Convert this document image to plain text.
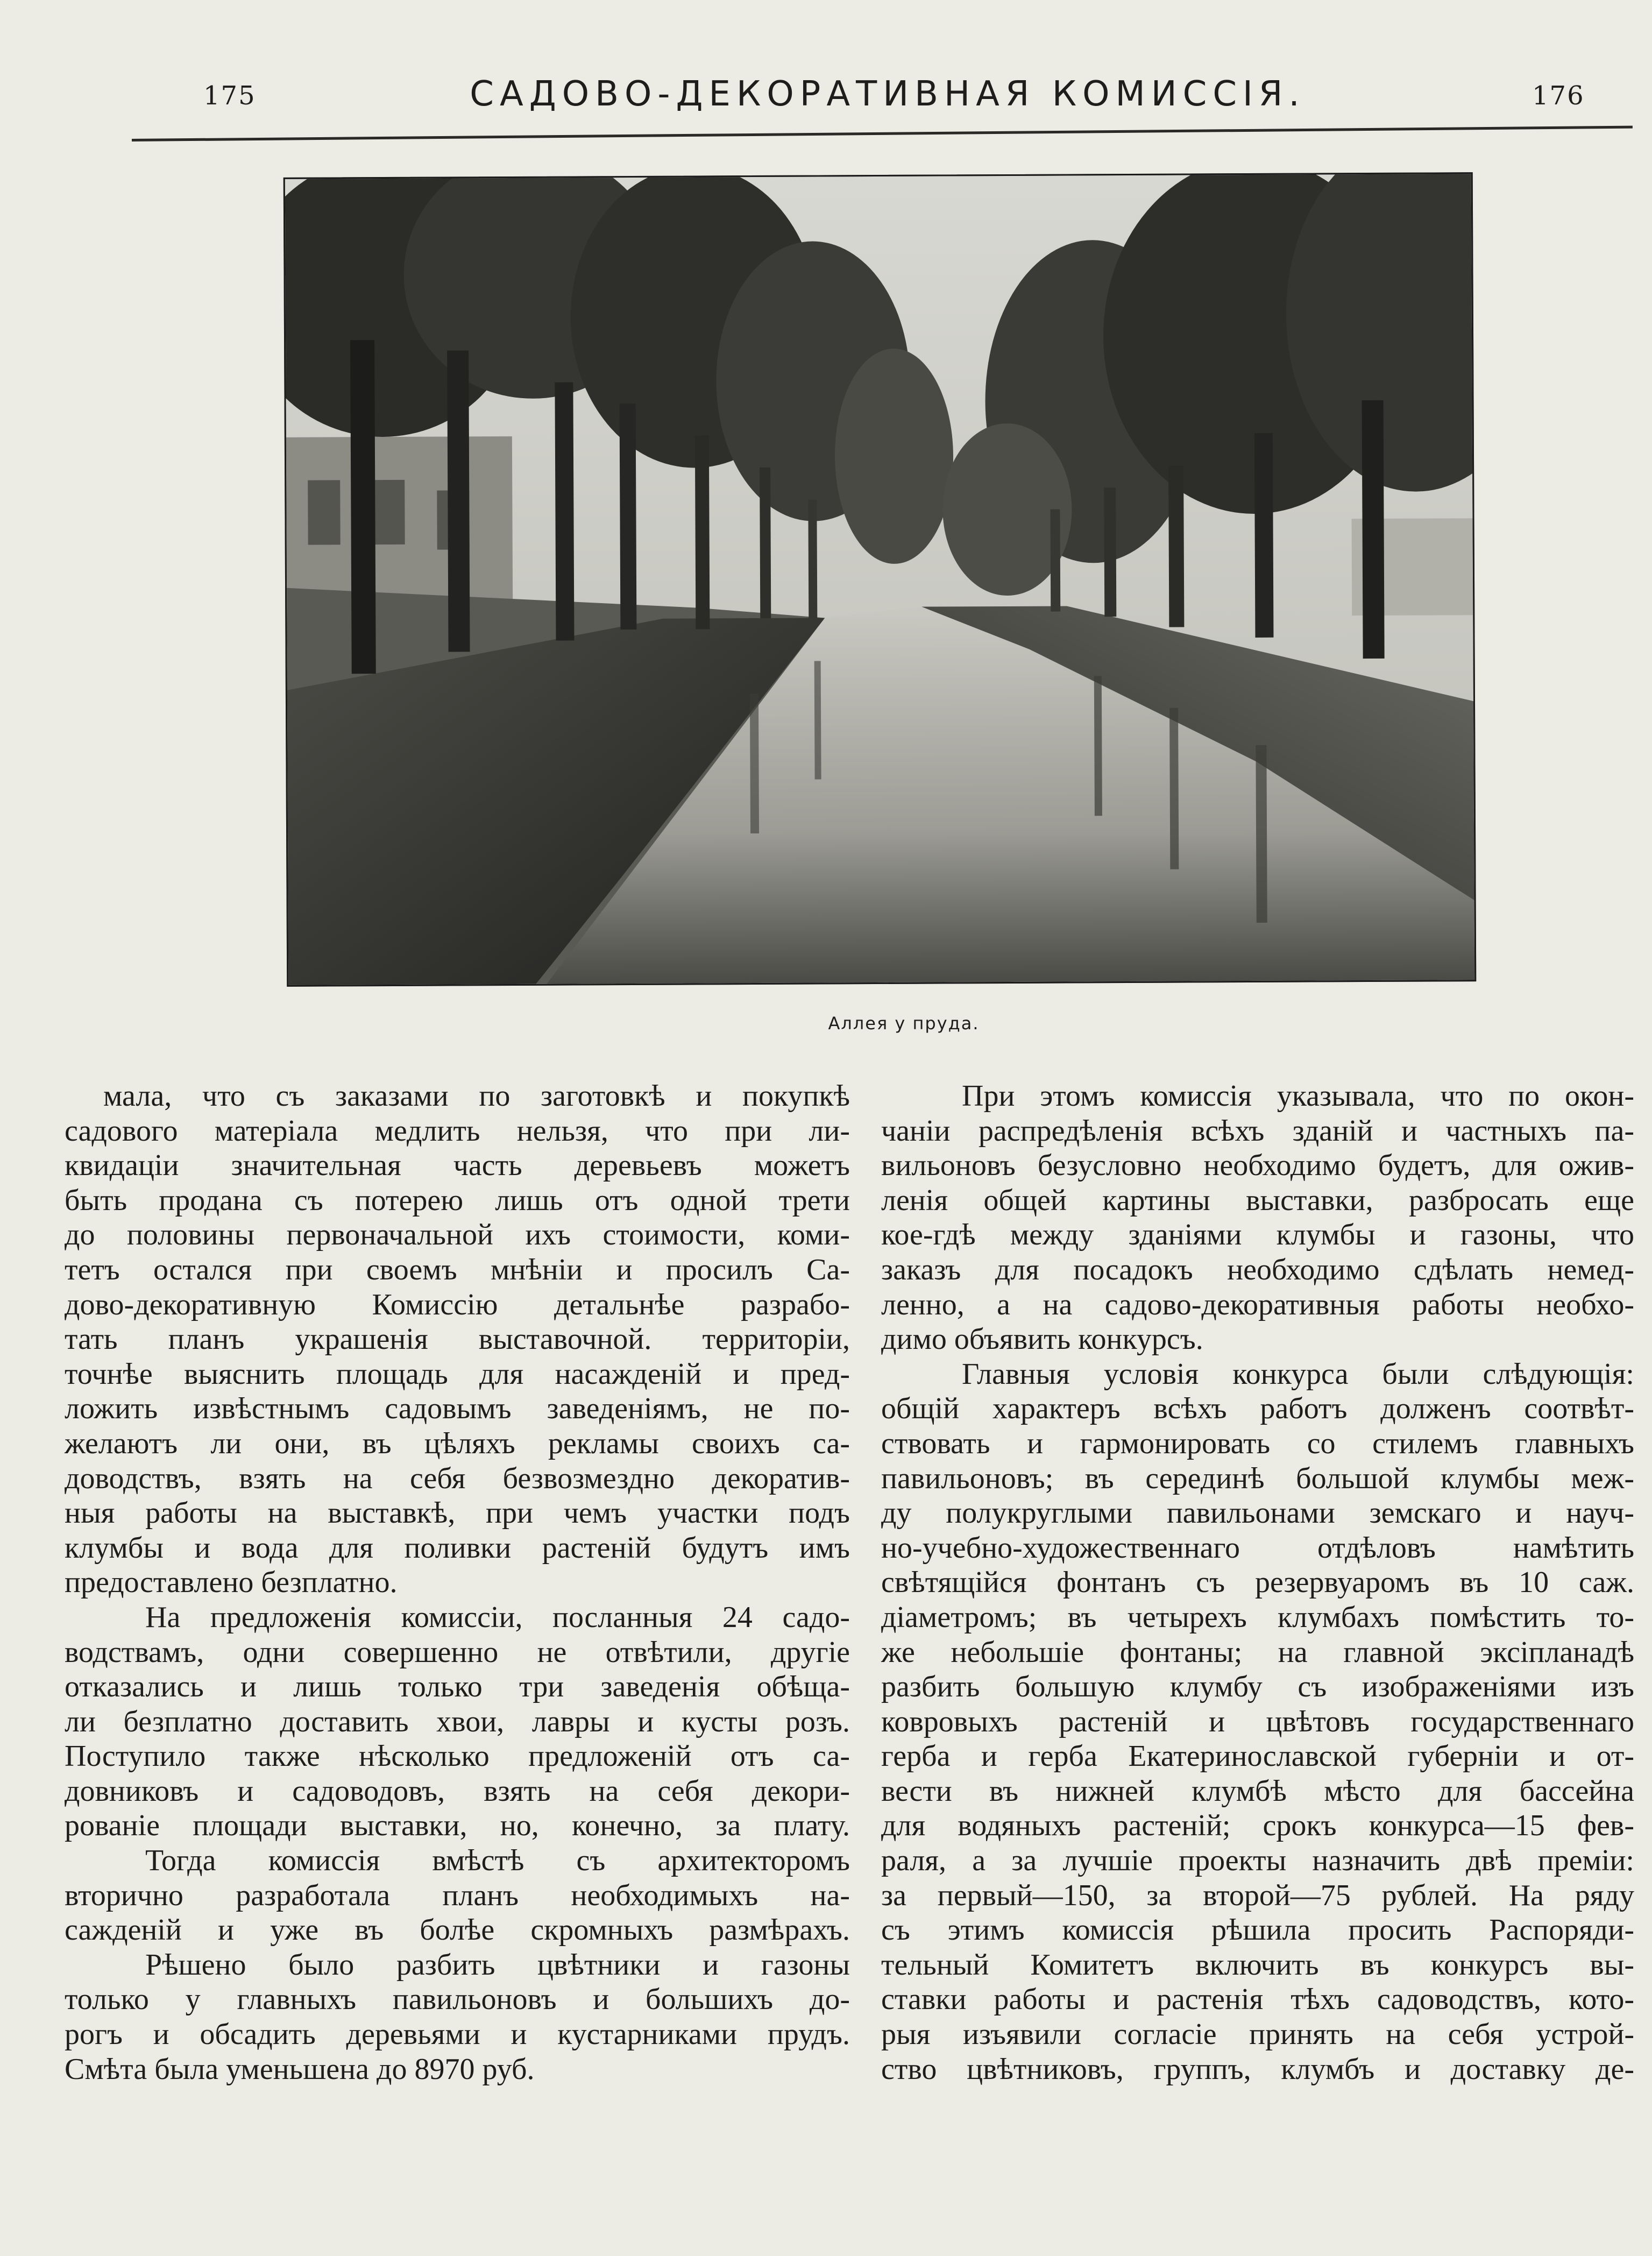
175	САДОВО-ДЕКОРАТИВНАЯ КОМИССІЯ.	176
Аллея у пруда.
мала, что съ заказами по заготовкѣ и покупкѣ
садового матеріала медлить нельзя, что при ли-
квидаціи значительная часть деревьевъ можетъ
быть продана съ потерею лишь отъ одной трети
до половины первоначальной ихъ стоимости, коми-
тетъ остался при своемъ мнѣніи и просилъ Са-
дово-декоративную Комиссію детальнѣе разрабо-
тать планъ украшенія выставочной. территоріи,
точнѣе выяснить площадь для насажденій и пред-
ложить извѣстнымъ садовымъ заведеніямъ, не по-
желаютъ ли они, въ цѣляхъ рекламы своихъ са-
доводствъ, взять на себя безвозмездно декоратив-
ныя работы на выставкѣ, при чемъ участки подъ
клумбы и вода для поливки растеній будутъ имъ
предоставлено безплатно.
На предложенія комиссіи, посланныя 24 садо-
водствамъ, одни совершенно не отвѣтили, другіе
отказались и лишь только три заведенія обѣща-
ли безплатно доставить хвои, лавры и кусты розъ.
Поступило также нѣсколько предложеній отъ са-
довниковъ и садоводовъ, взять на себя декори-
рованіе площади выставки, но, конечно, за плату.
Тогда комиссія вмѣстѣ съ архитекторомъ
вторично разработала планъ необходимыхъ на-
сажденій и уже въ болѣе скромныхъ размѣрахъ.
Рѣшено было разбить цвѣтники и газоны
только у главныхъ павильоновъ и большихъ до-
рогъ и обсадить деревьями и кустарниками прудъ.
Смѣта была уменьшена до 8970 руб.
При этомъ комиссія указывала, что по окон-
чаніи распредѣленія всѣхъ зданій и частныхъ па-
вильоновъ безусловно необходимо будетъ, для ожив-
ленія общей картины выставки, разбросать еще
кое-гдѣ между зданіями клумбы и газоны, что
заказъ для посадокъ необходимо сдѣлать немед-
ленно, а на садово-декоративныя работы необхо-
димо объявить конкурсъ.
Главныя условія конкурса были слѣдующія:
общій характеръ всѣхъ работъ долженъ соотвѣт-
ствовать и гармонировать со стилемъ главныхъ
павильоновъ; въ серединѣ большой клумбы меж-
ду полукруглыми павильонами земскаго и науч-
но-учебно-художественнаго отдѣловъ намѣтить
свѣтящійся фонтанъ съ резервуаромъ въ 10 саж.
діаметромъ; въ четырехъ клумбахъ помѣстить то-
же небольшіе фонтаны; на главной эксіпланадѣ
разбить большую клумбу съ изображеніями изъ
ковровыхъ растеній и цвѣтовъ государственнаго
герба и герба Екатеринославской губерніи и от-
вести въ нижней клумбѣ мѣсто для бассейна
для водяныхъ растеній; срокъ конкурса—15 фев-
раля, а за лучшіе проекты назначить двѣ преміи:
за первый—150, за второй—75 рублей. На ряду
съ этимъ комиссія рѣшила просить Распоряди-
тельный Комитетъ включить въ конкурсъ вы-
ставки работы и растенія тѣхъ садоводствъ, кото-
рыя изъявили согласіе принять на себя устрой-
ство цвѣтниковъ, группъ, клумбъ и доставку де-
